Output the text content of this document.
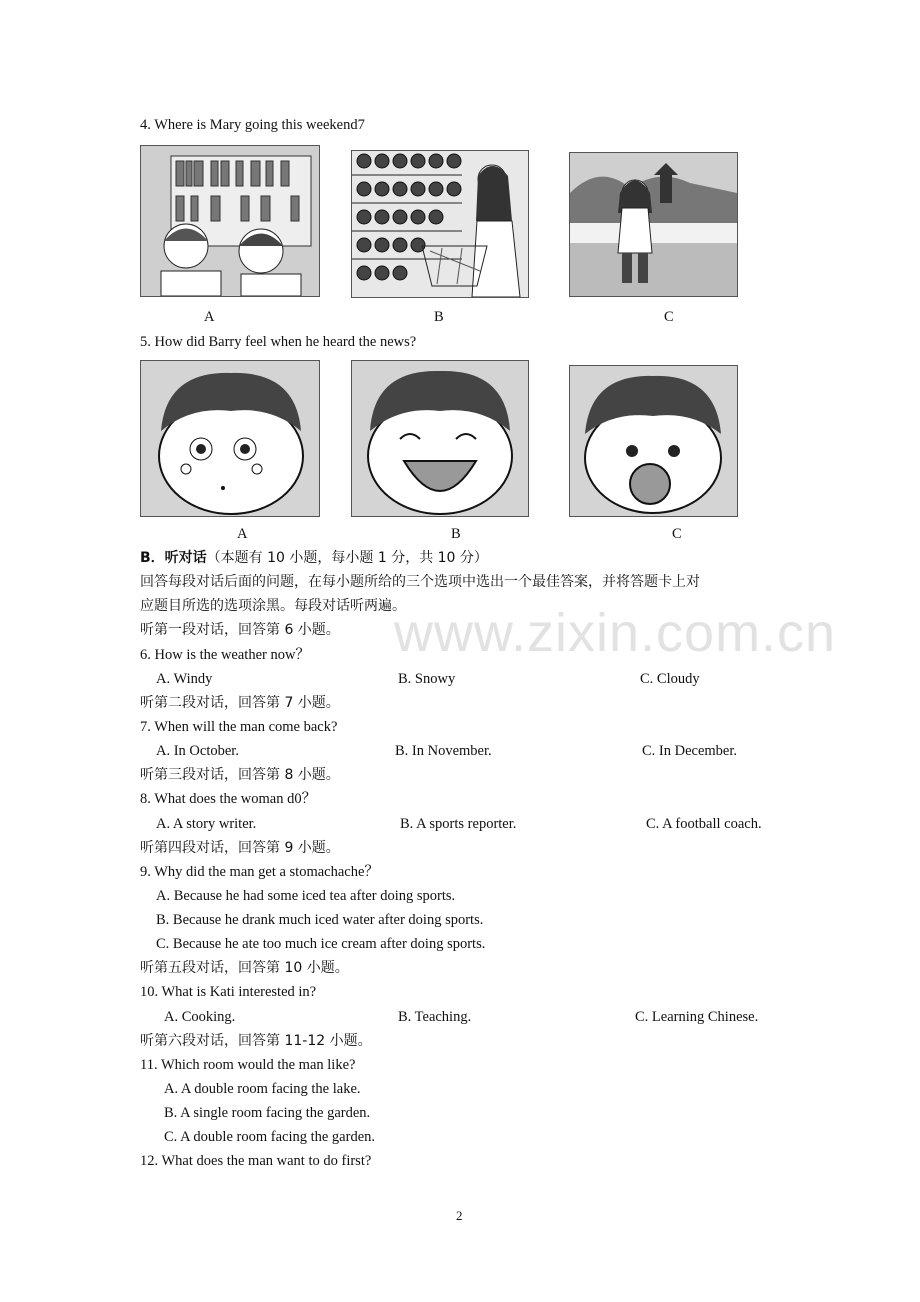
www.zixin.com.cn
4. Where is Mary going this weekend7
A	B	C
5. How did Barry feel when he heard the news?
A	B	C
B．听对话（本题有 10 小题，每小题 1 分，共 10 分）
回答每段对话后面的问题，在每小题所给的三个选项中选出一个最佳答案，并将答题卡上对
应题目所选的选项涂黑。每段对话听两遍。
听第一段对话，回答第 6 小题。
6. How is the weather now？
A. Windy	B. Snowy	C. Cloudy
听第二段对话，回答第 7 小题。
7. When will the man come back?
A. In October.	B. In November.	C. In December.
听第三段对话，回答第 8 小题。
8. What does the woman d0？
A. A story writer.	B. A sports reporter.	C. A football coach.
听第四段对话，回答第 9 小题。
9. Why did the man get a stomachache？
A. Because he had some iced tea after doing sports.
B. Because he drank much iced water after doing sports.
C. Because he ate too much ice cream after doing sports.
听第五段对话，回答第 10 小题。
10. What is Kati interested in?
A. Cooking.	B. Teaching.	C. Learning Chinese.
听第六段对话，回答第 11-12 小题。
11. Which room would the man like?
A. A double room facing the lake.
B. A single room facing the garden.
C. A double room facing the garden.
12. What does the man want to do first?
2
